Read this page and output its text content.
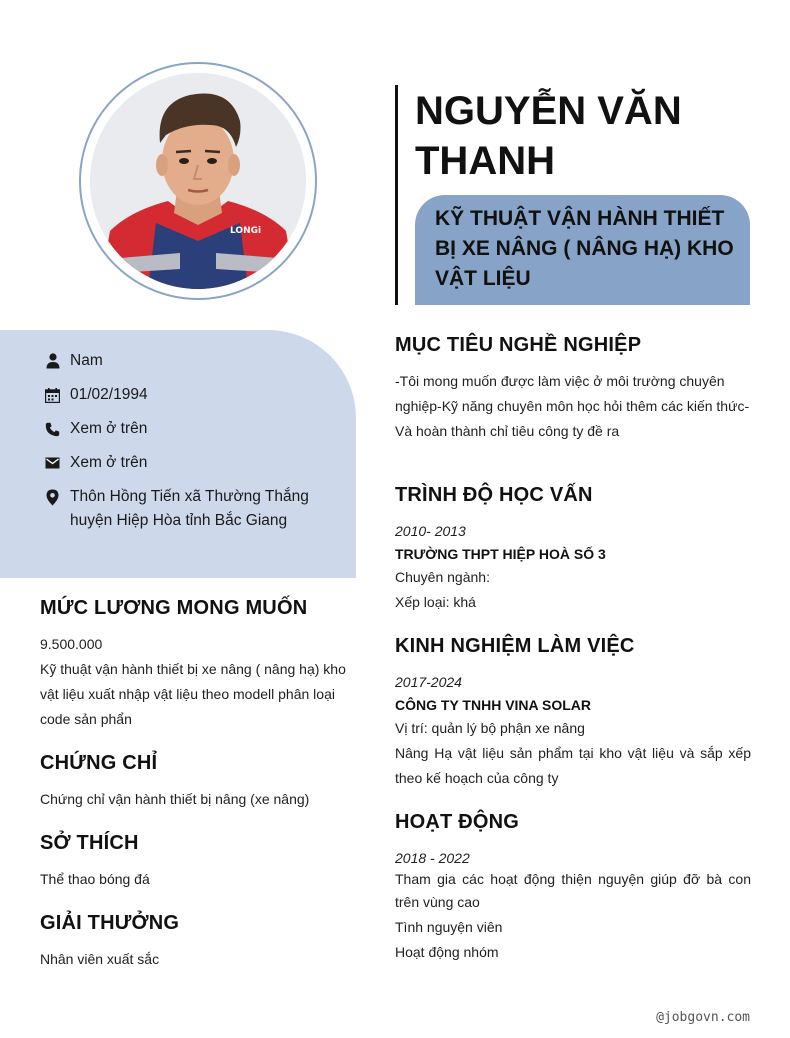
LONGi
Nam
01/02/1994
Xem ở trên
Xem ở trên
Thôn Hồng Tiến xã Thường Thắng huyện Hiệp Hòa tỉnh Bắc Giang
MỨC LƯƠNG MONG MUỐN
9.500.000
Kỹ thuật vận hành thiết bị xe nâng ( nâng hạ) kho vật liệu xuất nhập vật liệu theo modell phân loại code sản phẩn
CHỨNG CHỈ
Chứng chỉ vận hành thiết bị nâng (xe nâng)
SỞ THÍCH
Thể thao bóng đá
GIẢI THƯỞNG
Nhân viên xuất sắc
NGUYỄN VĂN THANH
KỸ THUẬT VẬN HÀNH THIẾT BỊ XE NÂNG ( NÂNG HẠ) KHO VẬT LIỆU
MỤC TIÊU NGHỀ NGHIỆP
-Tôi mong muốn được làm việc ở môi trường chuyên nghiệp-Kỹ năng chuyên môn học hỏi thêm các kiến thức-Và hoàn thành chỉ tiêu công ty đề ra
TRÌNH ĐỘ HỌC VẤN
2010- 2013
TRƯỜNG THPT HIỆP HOÀ SỐ 3
Chuyên ngành:
Xếp loại: khá
KINH NGHIỆM LÀM VIỆC
2017-2024
CÔNG TY TNHH VINA SOLAR
Vị trí: quản lý bộ phận xe nâng
Nâng Hạ vật liệu sản phẩm tại kho vật liệu và sắp xếp theo kế hoạch của công ty
HOẠT ĐỘNG
2018 - 2022
Tham gia các hoạt động thiện nguyện giúp đỡ bà con trên vùng cao
Tình nguyện viên
Hoạt động nhóm
@jobgovn.com
